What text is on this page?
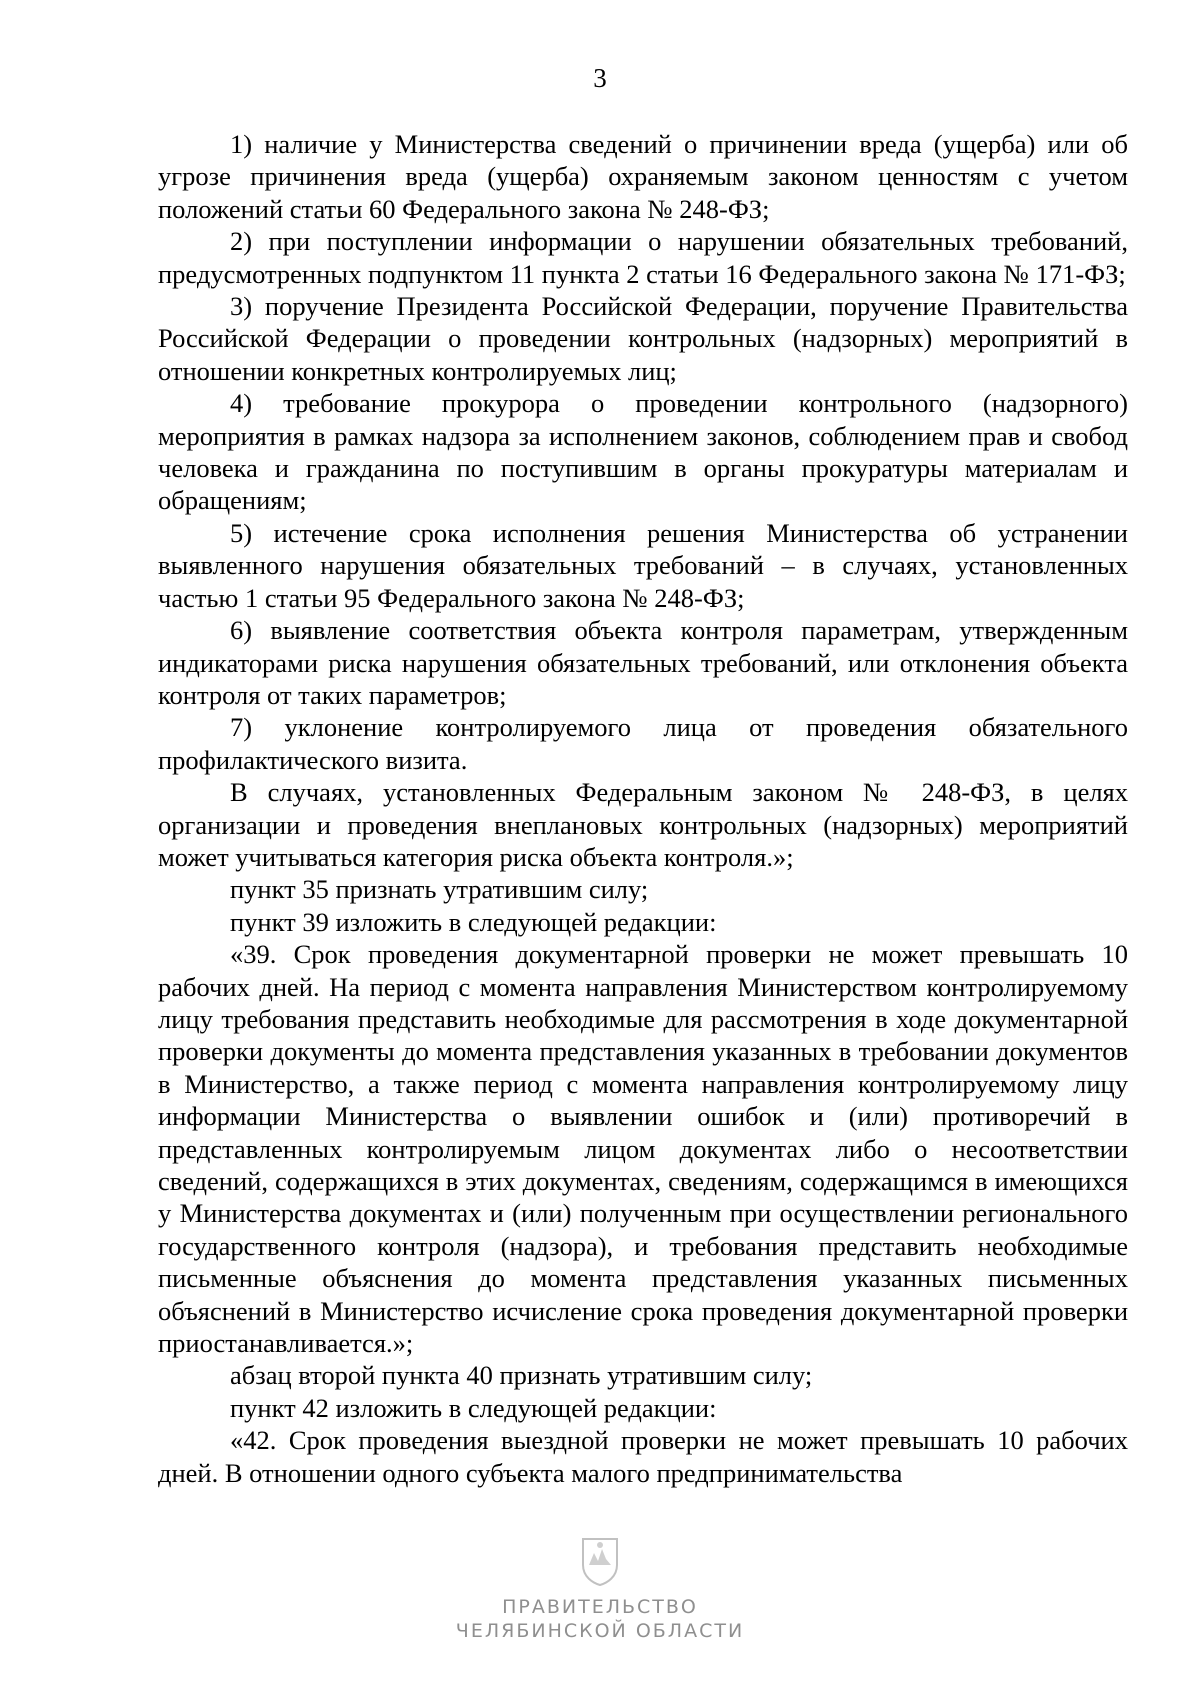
3

1) наличие у Министерства сведений о причинении вреда (ущерба) или об угрозе причинения вреда (ущерба) охраняемым законом ценностям с учетом положений статьи 60 Федерального закона № 248-ФЗ;

2) при поступлении информации о нарушении обязательных требований, предусмотренных подпунктом 11 пункта 2 статьи 16 Федерального закона № 171-ФЗ;

3) поручение Президента Российской Федерации, поручение Правительства Российской Федерации о проведении контрольных (надзорных) мероприятий в отношении конкретных контролируемых лиц;

4) требование прокурора о проведении контрольного (надзорного) мероприятия в рамках надзора за исполнением законов, соблюдением прав и свобод человека и гражданина по поступившим в органы прокуратуры материалам и обращениям;

5) истечение срока исполнения решения Министерства об устранении выявленного нарушения обязательных требований – в случаях, установленных частью 1 статьи 95 Федерального закона № 248-ФЗ;

6) выявление соответствия объекта контроля параметрам, утвержденным индикаторами риска нарушения обязательных требований, или отклонения объекта контроля от таких параметров;

7) уклонение контролируемого лица от проведения обязательного профилактического визита.

В случаях, установленных Федеральным законом № 248-ФЗ, в целях организации и проведения внеплановых контрольных (надзорных) мероприятий может учитываться категория риска объекта контроля.»;

пункт 35 признать утратившим силу;

пункт 39 изложить в следующей редакции:

«39. Срок проведения документарной проверки не может превышать 10 рабочих дней. На период с момента направления Министерством контролируемому лицу требования представить необходимые для рассмотрения в ходе документарной проверки документы до момента представления указанных в требовании документов в Министерство, а также период с момента направления контролируемому лицу информации Министерства о выявлении ошибок и (или) противоречий в представленных контролируемым лицом документах либо о несоответствии сведений, содержащихся в этих документах, сведениям, содержащимся в имеющихся у Министерства документах и (или) полученным при осуществлении регионального государственного контроля (надзора), и требования представить необходимые письменные объяснения до момента представления указанных письменных объяснений в Министерство исчисление срока проведения документарной проверки приостанавливается.»;

абзац второй пункта 40 признать утратившим силу;

пункт 42 изложить в следующей редакции:

«42. Срок проведения выездной проверки не может превышать 10 рабочих дней. В отношении одного субъекта малого предпринимательства

ПРАВИТЕЛЬСТВО
ЧЕЛЯБИНСКОЙ ОБЛАСТИ
